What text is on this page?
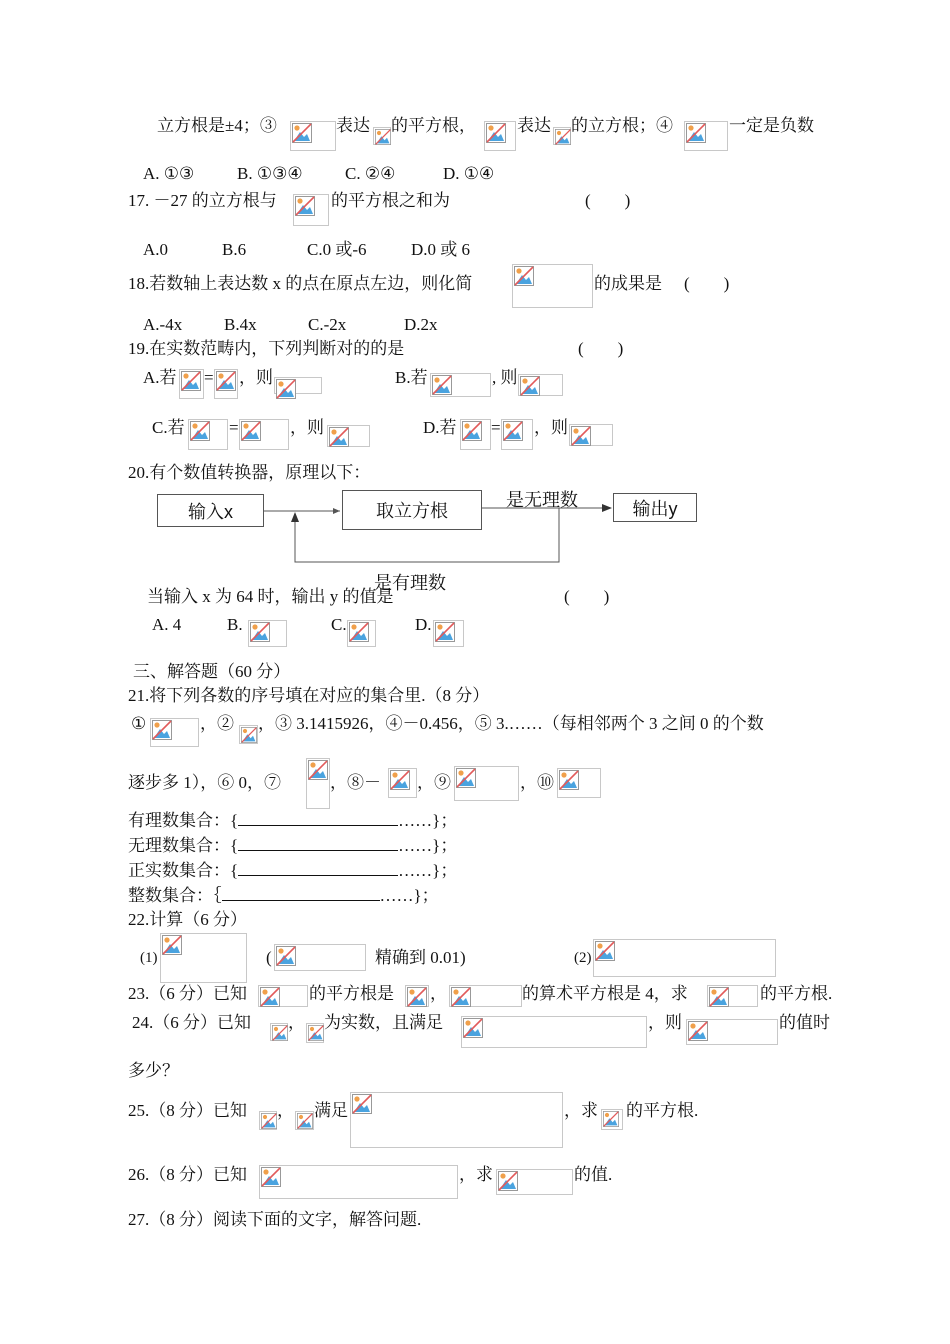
立方根是±4；③	表达 的平方根， 表达 的立方根；④	一定是负数
A. ①③	B. ①③④ C. ②④	D. ①④
17. －27 的立方根与	的平方根之和为	(　　)
A.0	B.6	C.0 或-6	D.0 或 6
18.若数轴上表达数 x 的点在原点左边，则化简	的成果是 (　　)
A.-4x B.4x	C.-2x	D.2x
19.在实数范畴内，下列判断对的的是	(　　)
A.若 = ，则	B.若	, 则
C.若	=	，则	D.若 = ，则
20.有个数值转换器，原理以下：
输入x	取立方根	输出y
是无理数
是有理数
当输入 x 为 64 时，输出 y 的值是	(　　)
A. 4	B.	C.	D.
三、解答题（60 分）
21.将下列各数的序号填在对应的集合里.（8 分）
①	，② ，③ 3.1415926，④－0.456，⑤ 3.……（每相邻两个 3 之间 0 的个数
逐步多 1），⑥ 0，⑦	，⑧－ ，⑨	，⑩
有理数集合：{	……}；
无理数集合：{	……}；
正实数集合：{	……}；
整数集合：｛	……}；
22.计算（6 分）
(1)	(	精确到 0.01)	(2)
23.（6 分）已知	的平方根是 ，	的算术平方根是 4，求	的平方根.
24.（6 分）已知 ， 为实数，且满足	，则	的值时
多少？
25.（8 分）已知 ， 满足	，求 的平方根.
26.（8 分）已知	，求	的值.
27.（8 分）阅读下面的文字，解答问题.
